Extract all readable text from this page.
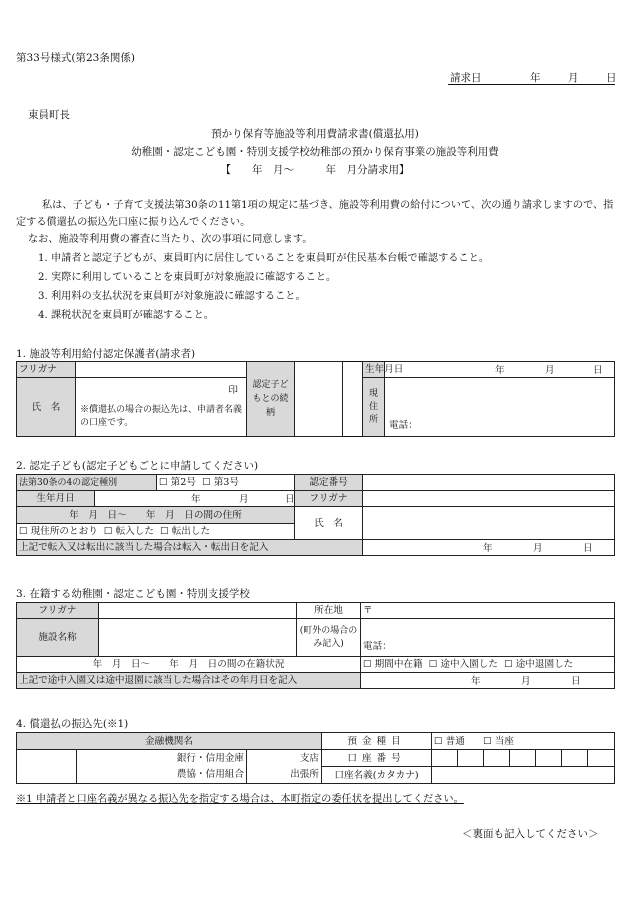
第33号様式(第23条関係)
請求日	年	月	日
東員町長
預かり保育等施設等利用費請求書(償還払用)
幼稚園・認定こども園・特別支援学校幼稚部の預かり保育事業の施設等利用費
【　　年　月～　　　年　月分請求用】
私は、子ども・子育て支援法第30条の11第1項の規定に基づき、施設等利用費の給付について、次の通り請求しますので、指定する償還払の振込先口座に振り込んでください。
なお、施設等利用費の審査に当たり、次の事項に同意します。
1. 申請者と認定子どもが、東員町内に居住していることを東員町が住民基本台帳で確認すること。
2. 実際に利用していることを東員町が対象施設に確認すること。
3. 利用料の支払状況を東員町が対象施設に確認すること。
4. 課税状況を東員町が確認すること。
1. 施設等利用給付認定保護者(請求者)
フリガナ		認定子どもとの続柄			生年月日	年 月 日

氏　名	印
※償還払の場合の振込先は、申請者名義の口座です。				現住所	電話：
2. 認定子ども(認定子どもごとに申請してください)
法第30条の4の認定種別		☐ 第2号 ☐ 第3号	認定番号	
生年月日	年 月 日		フリガナ	
年　月　日～　　年　月　日の間の住所			氏　名	
☐ 現住所のとおり ☐ 転入した ☐ 転出した				
上記で転入又は転出に該当した場合は転入・転出日を記入				年 月 日
3. 在籍する幼稚園・認定こども園・特別支援学校
フリガナ		所在地	〒
施設名称		(町外の場合のみ記入)	電話：
年　月　日～　　年　月　日の間の在籍状況			☐ 期間中在籍 ☐ 途中入園した ☐ 途中退園した
上記で途中入園又は途中退園に該当した場合はその年月日を記入			年 月 日
4. 償還払の振込先(※1)
金融機関名			預金種目	☐ 普通 ☐ 当座						
	銀行・信用金庫	支店	口座番号							
	農協・信用組合	出張所	口座名義(カタカナ)							
※1 申請者と口座名義が異なる振込先を指定する場合は、本町指定の委任状を提出してください。
＜裏面も記入してください＞
